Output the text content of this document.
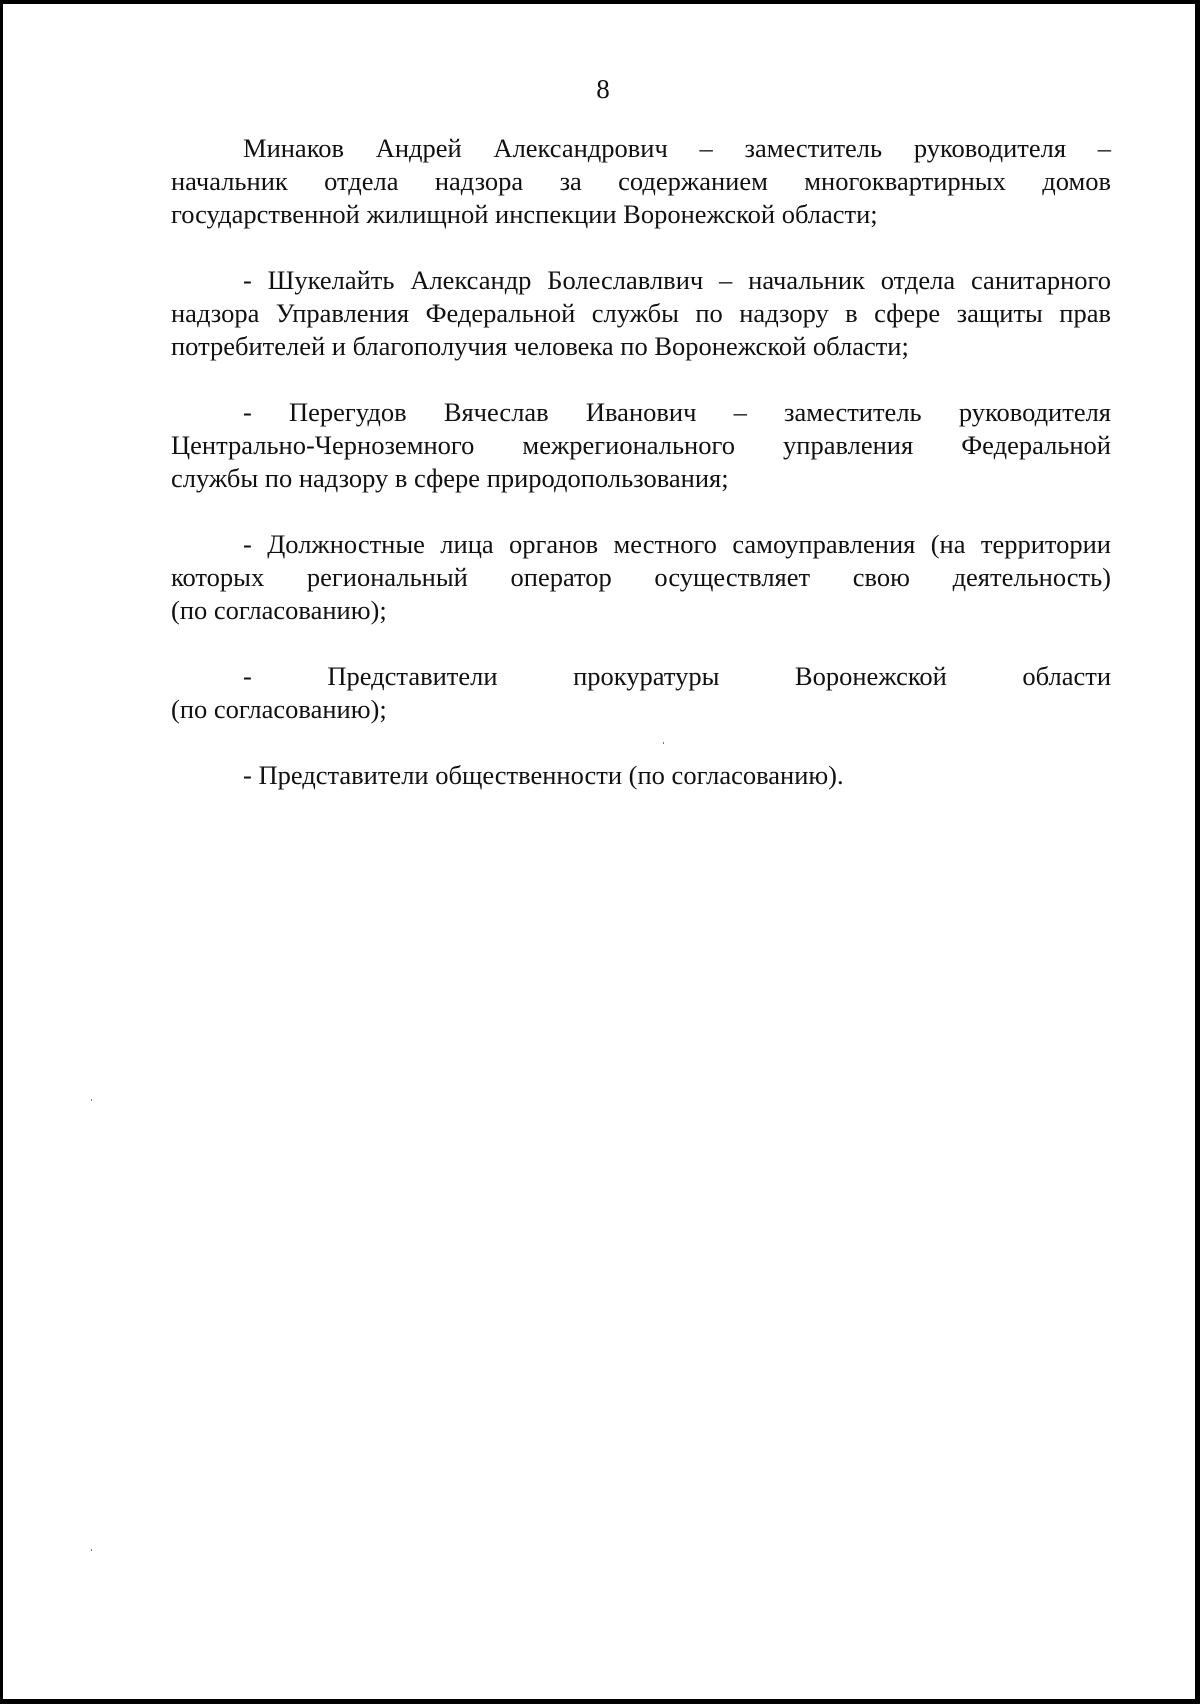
8
Минаков Андрей Александрович – заместитель руководителя –
начальник отдела надзора за содержанием многоквартирных домов
государственной жилищной инспекции Воронежской области;
- Шукелайть Александр Болеславлвич – начальник отдела санитарного
надзора Управления Федеральной службы по надзору в сфере защиты прав
потребителей и благополучия человека по Воронежской области;
- Перегудов Вячеслав Иванович – заместитель руководителя
Центрально-Черноземного межрегионального управления Федеральной
службы по надзору в сфере природопользования;
- Должностные лица органов местного самоуправления (на территории
которых региональный оператор осуществляет свою деятельность)
(по согласованию);
- Представители прокуратуры Воронежской области
(по согласованию);
- Представители общественности (по согласованию).
